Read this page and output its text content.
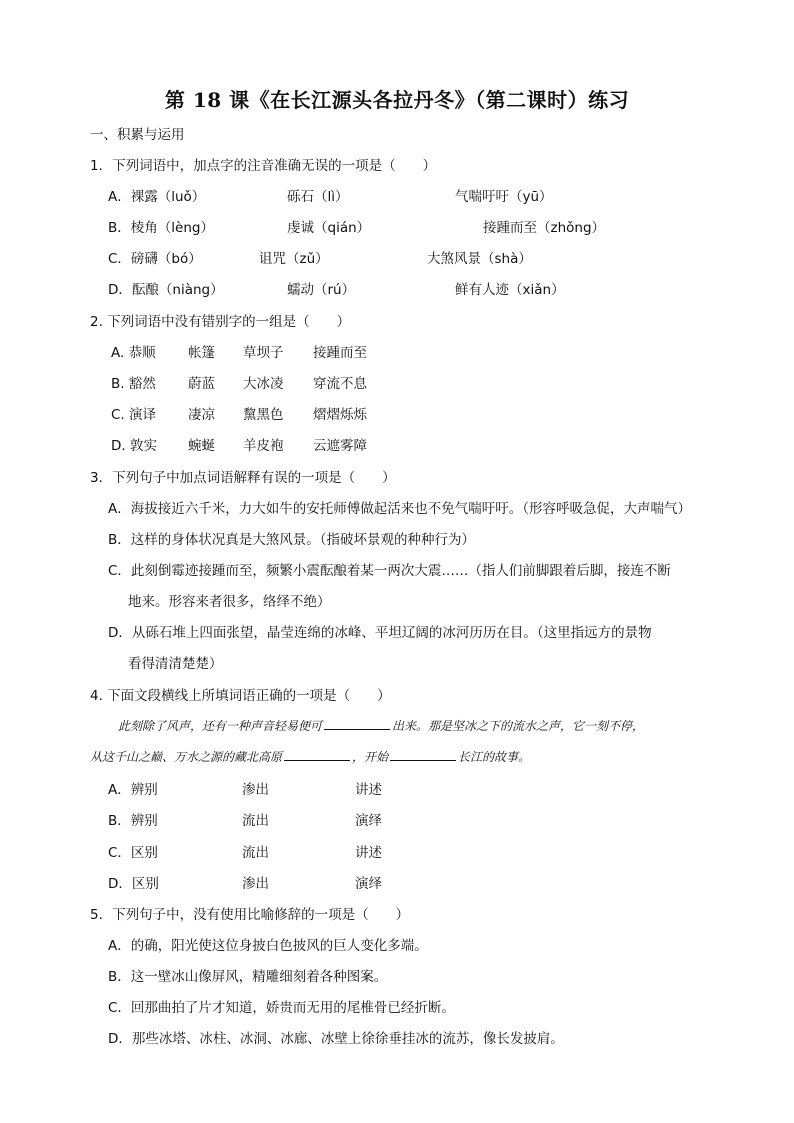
第 18 课《在长江源头各拉丹冬》（第二课时）练习
一、积累与运用
1．下列词语中，加点字的注音准确无误的一项是（　　）
A．裸露（luǒ）	砾石（lì）	气喘吁吁（yū）
B．棱角（lèng）	虔诚（qián）	接踵而至（zhǒng）
C．磅礴（bó）	诅咒（zǔ）	大煞风景（shà）
D．酝酿（niàng）	蠕动（rú）	鲜有人迹（xiǎn）
2. 下列词语中没有错别字的一组是（　　）
A. 恭顺 帐篷 草坝子 接踵而至
B. 豁然 蔚蓝 大冰凌 穿流不息
C. 演译 凄凉 黧黑色 熠熠烁烁
D. 敦实 蜿蜒 羊皮袍 云遮雾障
3．下列句子中加点词语解释有误的一项是（　　）
A．海拔接近六千米，力大如牛的安托师傅做起活来也不免气喘吁吁。（形容呼吸急促，大声喘气）
B．这样的身体状况真是大煞风景。（指破坏景观的种种行为）
C．此刻倒霉迹接踵而至，频繁小震酝酿着某一两次大震……（指人们前脚跟着后脚，接连不断
地来。形容来者很多，络绎不绝）
D．从砾石堆上四面张望，晶莹连绵的冰峰、平坦辽阔的冰河历历在目。（这里指远方的景物
看得清清楚楚）
4. 下面文段横线上所填词语正确的一项是（　　）
此刻除了风声，还有一种声音轻易便可	出来。那是坚冰之下的流水之声，它一刻不停，
从这千山之巅、万水之源的藏北高原	，开始	长江的故事。
A．辨别	渗出	讲述
B．辨别	流出	演绎
C．区别	流出	讲述
D．区别	渗出	演绎
5．下列句子中，没有使用比喻修辞的一项是（　　）
A．的确，阳光使这位身披白色披风的巨人变化多端。
B．这一壁冰山像屏风，精雕细刻着各种图案。
C．回那曲拍了片才知道，娇贵而无用的尾椎骨已经折断。
D．那些冰塔、冰柱、冰洞、冰廊、冰壁上徐徐垂挂冰的流苏，像长发披肩。
